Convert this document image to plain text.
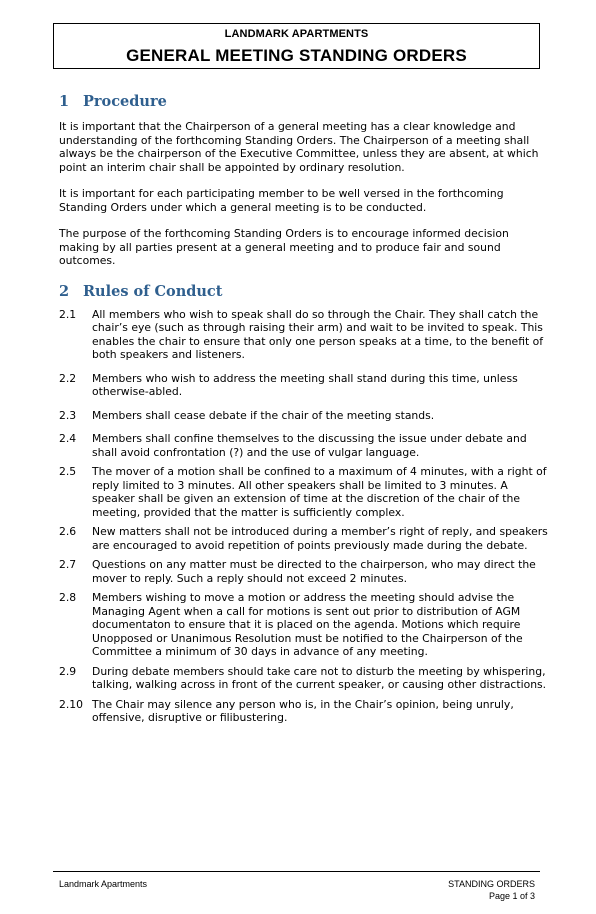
LANDMARK APARTMENTS
GENERAL MEETING STANDING ORDERS
1 Procedure

It is important that the Chairperson of a general meeting has a clear knowledge and understanding of the forthcoming Standing Orders. The Chairperson of a meeting shall always be the chairperson of the Executive Committee, unless they are absent, at which point an interim chair shall be appointed by ordinary resolution.

It is important for each participating member to be well versed in the forthcoming Standing Orders under which a general meeting is to be conducted.

The purpose of the forthcoming Standing Orders is to encourage informed decision making by all parties present at a general meeting and to produce fair and sound outcomes.

2 Rules of Conduct
2.1	All members who wish to speak shall do so through the Chair. They shall catch the chair’s eye (such as through raising their arm) and wait to be invited to speak. This enables the chair to ensure that only one person speaks at a time, to the benefit of both speakers and listeners.
2.2	Members who wish to address the meeting shall stand during this time, unless otherwise-abled.
2.3	Members shall cease debate if the chair of the meeting stands.
2.4	Members shall confine themselves to the discussing the issue under debate and shall avoid confrontation (?) and the use of vulgar language.
2.5	The mover of a motion shall be confined to a maximum of 4 minutes, with a right of reply limited to 3 minutes. All other speakers shall be limited to 3 minutes. A speaker shall be given an extension of time at the discretion of the chair of the meeting, provided that the matter is sufficiently complex.
2.6	New matters shall not be introduced during a member’s right of reply, and speakers are encouraged to avoid repetition of points previously made during the debate.
2.7	Questions on any matter must be directed to the chairperson, who may direct the mover to reply. Such a reply should not exceed 2 minutes.
2.8	Members wishing to move a motion or address the meeting should advise the Managing Agent when a call for motions is sent out prior to distribution of AGM documentaton to ensure that it is placed on the agenda. Motions which require Unopposed or Unanimous Resolution must be notified to the Chairperson of the Committee a minimum of 30 days in advance of any meeting.
2.9	During debate members should take care not to disturb the meeting by whispering, talking, walking across in front of the current speaker, or causing other distractions.
2.10 The Chair may silence any person who is, in the Chair’s opinion, being unruly, offensive, disruptive or filibustering.
Landmark Apartments	STANDING ORDERS
Page 1 of 3
